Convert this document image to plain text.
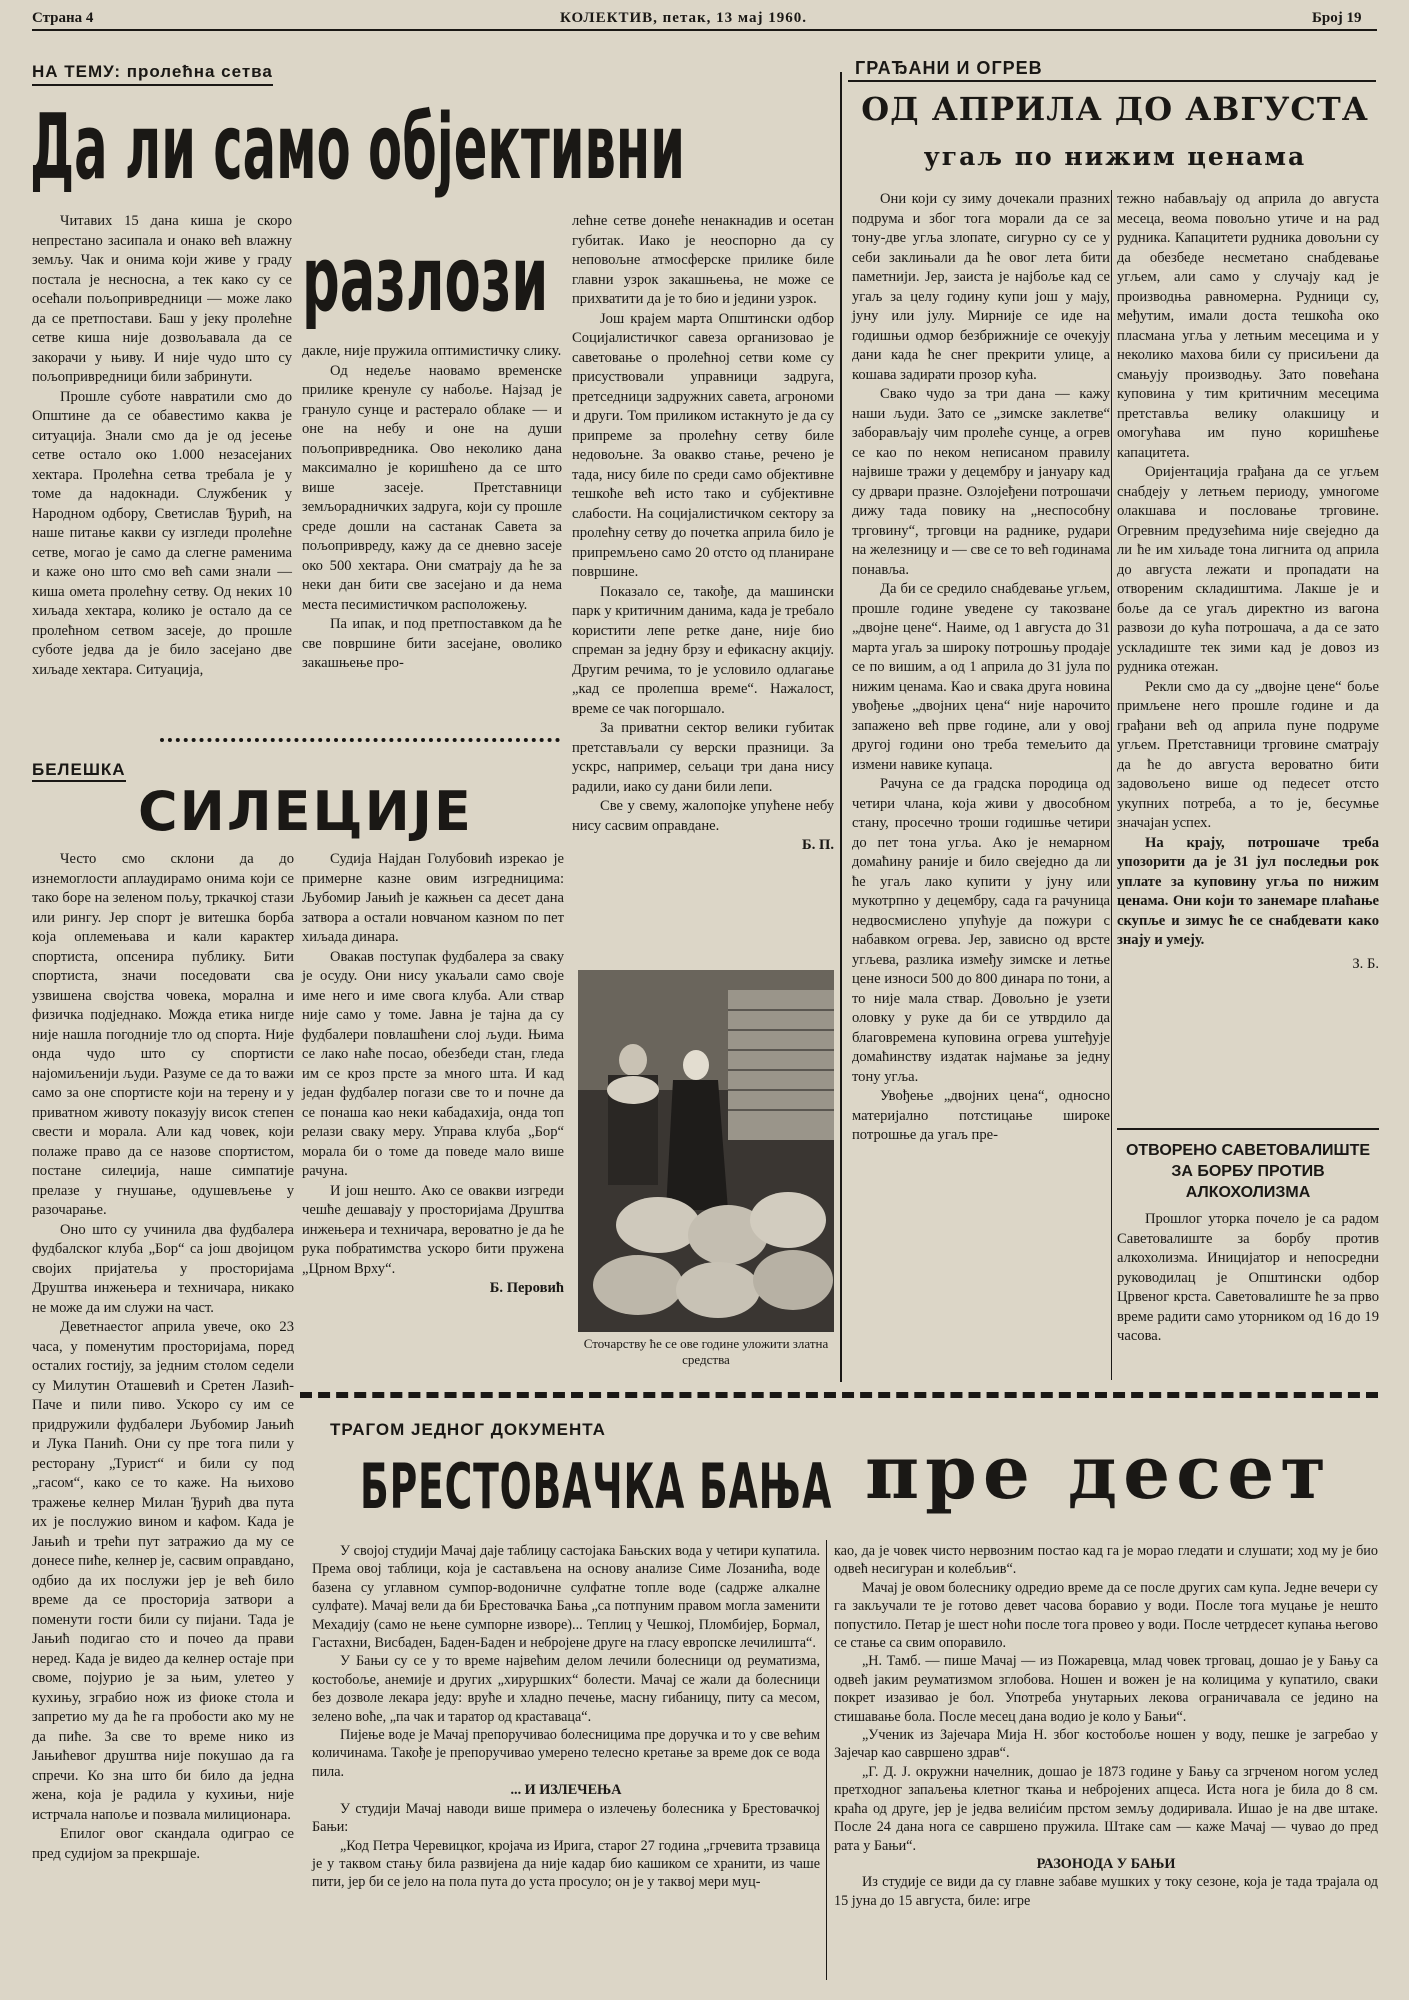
Страна 4	КОЛЕКТИВ, петак, 13 мај 1960.	Број 19
НА ТЕМУ: пролећна сетва
Да ли само објективни
разлози

Читавих 15 дана киша је скоро непрестано засипала и онако већ влажну земљу. Чак и онима који живе у граду постала је несносна, а тек како су се осећали пољопривредници — може лако да се претпостави. Баш у јеку пролећне сетве киша није дозвољавала да се закорачи у њиву. И није чудо што су пољопривредници били забринути.

Прошле суботе навратили смо до Општине да се обавестимо каква је ситуација. Знали смо да је од јесење сетве остало око 1.000 незасејаних хектара. Пролећна сетва требала је у томе да надокнади. Службеник у Народном одбору, Светислав Ђурић, на наше питање какви су изгледи пролећне сетве, могао је само да слегне раменима и каже оно што смо већ сами знали — киша омета пролећну сетву. Од неких 10 хиљада хектара, колико је остало да се пролећном сетвом засеје, до прошле суботе једва да је било засејано две хиљаде хектара. Ситуација,

дакле, није пружила оптимистичку слику.

Од недеље наовамо временске прилике кренуле су набоље. Најзад је грануло сунце и растерало облаке — и оне на небу и оне на души пољопривредника. Ово неколико дана максимално је коришћено да се што више засеје. Претставници земљорадничких задруга, који су прошле среде дошли на састанак Савета за пољопривреду, кажу да се дневно засеје око 500 хектара. Они сматрају да ће за неки дан бити све засејано и да нема места песимистичком расположењу.

Па ипак, и под претпоставком да ће све површине бити засејане, оволико закашњење про-

лећне сетве донеће ненакнадив и осетан губитак. Иако је неоспорно да су неповољне атмосферске прилике биле главни узрок закашњења, не може се прихватити да је то био и једини узрок.

Још крајем марта Општински одбор Социјалистичког савеза организовао је саветовање о пролећној сетви коме су присуствовали управници задруга, претседници задружних савета, агрономи и други. Том приликом истакнуто је да су припреме за пролећну сетву биле недовољне. За овакво стање, речено је тада, нису биле по среди само објективне тешкоће већ исто тако и субјективне слабости. На социјалистичком сектору за пролећну сетву до почетка априла било је припремљено само 20 отсто од планиране површине.

Показало се, такође, да машински парк у критичним данима, када је требало користити лепе ретке дане, није био спреман за једну брзу и ефикасну акцију. Другим речима, то је условило одлагање „кад се пролепша време“. Нажалост, време се чак погоршало.

За приватни сектор велики губитак претстављали су верски празници. За ускрс, например, сељаци три дана нису радили, иако су дани били лепи.

Све у свему, жалопојке упућене небу нису сасвим оправдане.

Б. П.

БЕЛЕШКА
СИЛЕЦИЈЕ

Често смо склони да до изнемоглости аплаудирамо онима који се тако боре на зеленом пољу, тркачкој стази или рингу. Јер спорт је витешка борба коja оплемењава и кали карактер спортиста, опсенира публику. Бити спортиста, значи поседовати сва узвишена својства човека, морална и физичка подједнако. Можда етика нигде није нашла погодније тло од спорта. Није онда чудо што су спортисти најомиљенији људи. Разуме се да то важи само за оне спортисте који на терену и у приватном животу показују висок степен свести и морала. Али кад човек, који полаже право да се назове спортистом, постане силеџија, наше симпатије прелазе у гнушање, одушевљење у разочарање.

Оно што су учинила два фудбалера фудбалског клуба „Бор“ са још двојицом својих пријатеља у просторијама Друштва инжењера и техничара, никако не може да им служи на част.

Деветнаестог априла увече, око 23 часа, у поменутим просторијама, поред осталих гостију, за једним столом седели су Милутин Оташевић и Сретен Лазић-Паче и пили пиво. Ускоро су им се придружили фудбалери Љубомир Јањић и Лука Панић. Они су пре тога пили у ресторану „Турист“ и били су под „гасом“, како се то каже. На њихово тражење келнер Милан Ђурић два пута их је послужио вином и кафом. Када је Јањић и трећи пут затражио да му се донесе пиће, келнер је, сасвим оправдано, одбио да их послужи јер је већ било време да се просторија затвори а поменути гости били су пијани. Тада је Јањић подигао сто и почео да прави неред. Када је видео да келнер остаје при своме, појурио је за њим, улетео у кухињу, зграбио нож из фиоке стола и запретио му да ће га пробости ако му не да пиће. За све то време нико из Јањићевог друштва није покушао да га спречи. Ко зна што би било да једна жена, која је радила у кухињи, није истрчала напоље и позвала милиционара.

Епилог овог скандала одиграо се пред судијом за прекршаје.

Судија Најдан Голубовић изрекао је примерне казне овим изгредницима: Љубомир Јањић је кажњен са десет дана затвора а остали новчаном казном по пет хиљада динара.

Овакав поступак фудбалера за сваку је осуду. Они нису укаљали само своје име него и име свога клуба. Али ствар није само у томе. Јавна је тајна да су фудбалери повлашћени слој људи. Њима се лако наће посао, обезбеди стан, гледа им се кроз прсте за много шта. И кад један фудбалер погази све то и почне да се понаша као неки кабадахија, онда топ релази сваку меру. Управа клуба „Бор“ морала би о томе да поведе мало више рачуна.

И још нешто. Ако се овакви изгреди чешће дешавају у просторијама Друштва инжењера и техничара, вероватно је да ће рука побратимства ускоро бити пружена „Црном Врху“.

Б. Перовић

Сточарству ће се ове године уложити златна средства
ГРАЂАНИ И ОГРЕВ
ОД АПРИЛА ДО АВГУСТА
угаљ по нижим ценама

Они који су зиму дочекали празних подрума и због тога морали да се за тону-две угља злопате, сигурно су се у себи заклињали да ће овог лета бити паметнији. Јер, заиста је најбоље кад се угаљ за целу годину купи још у мају, јуну или јулу. Мирније се иде на годишњи одмор безбрижније се очекују дани када ће снег прекрити улице, а кошава задирати прозор кућа.

Свако чудо за три дана — кажу наши људи. Зато се „зимске заклетве“ заборављају чим пролеће сунце, а огрев се као по неком неписаном правилу највише тражи у децембру и јануару кад су дрвари празне. Озлојеђени потрошачи дижу тада повику на „неспособну трговину“, трговци на раднике, рудари на железницу и — све се то већ годинама понавља.

Да би се средило снабдевање угљем, прошле године уведене су такозване „двојне цене“. Наиме, од 1 августа до 31 марта угаљ за широку потрошњу продаје се по вишим, а од 1 априла до 31 јула по нижим ценама. Као и свака друга новина увођење „двојних цена“ није нарочито запажено већ прве године, али у овој другој години оно треба темељито да измени навике купаца.

Рачуна се да градска породица од четири члана, која живи у двособном стану, просечно троши годишње четири до пет тона угља. Ако је немарном домаћину раније и било свеједно да ли ће угаљ лако купити у јуну или мукотрпно у децембру, сада га рачуница недвосмислено упућује да пожури с набавком огрева. Јер, зависно од врсте угљева, разлика између зимске и летње цене износи 500 до 800 динара по тони, а то није мала ствар. Довољно је узети оловку у руке да би се утврдило да благовремена куповина огрева уштеђује домаћинству издатак најмање за једну тону угља.

Увођење „двојних цена“, односно материјално потстицање широке потрошње да угаљ пре-

тежно набављају од априла до августа месеца, веома повољно утиче и на рад рудника. Капацитети рудника довољни су да обезбеде несметано снабдевање угљем, али само у случају кад је производња равномерна. Рудници су, међутим, имали доста тешкоћа око пласмана угља у летњим месецима и у неколико махова били су присиљени да смањују производњу. Зато повећана куповина у тим критичним месецима претставља велику олакшицу и омогућава им пуно коришћење капацитета.

Оријентација грађана да се угљем снабдеју у летњем периоду, умногоме олакшава и пословање трговине. Огревним предузећима није свеједно да ли ће им хиљаде тона лигнита од априла до августа лежати и пропадати на отвореним складиштима. Лакше је и боље да се угаљ директно из вагона развози до кућа потрошача, а да се зато ускладиште тек зими кад је довоз из рудника отежан.

Рекли смо да су „двојне цене“ боље примљене него прошле године и да грађани већ од априла пуне подруме угљем. Претставници трговине сматрају да ће до августа вероватно бити задовољено више од педесет отсто укупних потреба, а то је, бесумње значајан успех.

На крају, потрошаче треба упозорити да је 31 јул последњи рок уплате за куповину угља по нижим ценама. Они који то занемаре плаћање скупље и зимус ће се снабдевати како знају и умеју.

З. Б.

ОТВОРЕНО САВЕТОВАЛИШТЕ ЗА БОРБУ ПРОТИВ АЛКОХОЛИЗМА

Прошлог уторка почело је са радом Саветовалиште за борбу против алкохолизма. Иницијатор и непосредни руководилац је Општински одбор Црвеног крста. Саветовалиште ће за прво време радити само уторником од 16 до 19 часова.

ТРАГОМ ЈЕДНОГ ДОКУМЕНТА
БРЕСТОВАЧКА БАЊА пре десет

У својој студији Мачај даје таблицу састојака Бањских вода у четири купатила. Према овој таблици, која је састављена на основу анализе Симе Лозанића, воде базена су углавном сумпор-водоничне сулфатне топле воде (садрже алкалне сулфате). Мачај вели да би Брестовачка Бања „са потпуним правом могла заменити Мехадију (само не њене сумпорне изворе)... Теплиц у Чешкој, Пломбијер, Бормал, Гастахни, Висбаден, Баден-Баден и небројене друге на гласу европске лечилишта“.

У Бањи су се у то време највећим делом лечили болесници од реуматизма, костобоље, анемије и других „хируршких“ болести. Мачај се жали да болесници без дозволе лекара једу: вруће и хладно печење, масну гибаницу, питу са месом, зелено воће, „па чак и таратор од краставаца“.

Пијење воде је Мачај препоручивао болесницима пре доручка и то у све већим количинама. Такође је препоручивао умерено телесно кретање за време док се вода пила.

... И ИЗЛЕЧЕЊА

У студији Мачај наводи више примера о излечењу болесника у Брестовачкој Бањи:

„Код Петра Черевицког, кројача из Ирига, старог 27 година „грчевита трзавица је у таквом стању била развијена да није кадар био кашиком се хранити, из чаше пити, јер би се јело на пола пута до уста просуло; он је у таквој мери муц-

као, да је човек чисто нервозним постао кад га је морао гледати и слушати; ход му је био одвећ несигуран и колебљив“.

Мачај је овом болеснику одредио време да се после других сам купа. Једне вечери су га закључали те је готово девет часова боравио у води. После тога муцање је нешто попустило. Петар је шест ноћи после тога провео у води. После четрдесет купања његово се стање са свим опоравило.

„Н. Тамб. — пише Мачај — из Пожаревца, млад човек трговац, дошао је у Бању са одвећ јаким реуматизмом зглобова. Ношен и вожен је на колицима у купатило, сваки покрет изазивао је бол. Употреба унутарњих лекова ограничавала се једино на стишавање бола. После месец дана водио је коло у Бањи“.

„Ученик из Зајечара Мија Н. због костобоље ношен у воду, пешке је загребао у Зајечар као савршено здрав“.

„Г. Д. Ј. окружни начелник, дошао је 1873 године у Бању са згрченом ногом услед претходног запаљења клетног ткања и небројених апцеса. Иста нога је била до 8 см. краћа од друге, јер је једва велиićим прстом земљу додиривала. Ишао је на две штаке. После 24 дана нога се савршено пружила. Штаке сам — каже Мачај — чувао до пред рата у Бањи“.

РАЗОНОДА У БАЊИ

Из студије се види да су главне забаве мушких у току сезоне, која је тада трајала од 15 јуна до 15 августа, биле: игре
